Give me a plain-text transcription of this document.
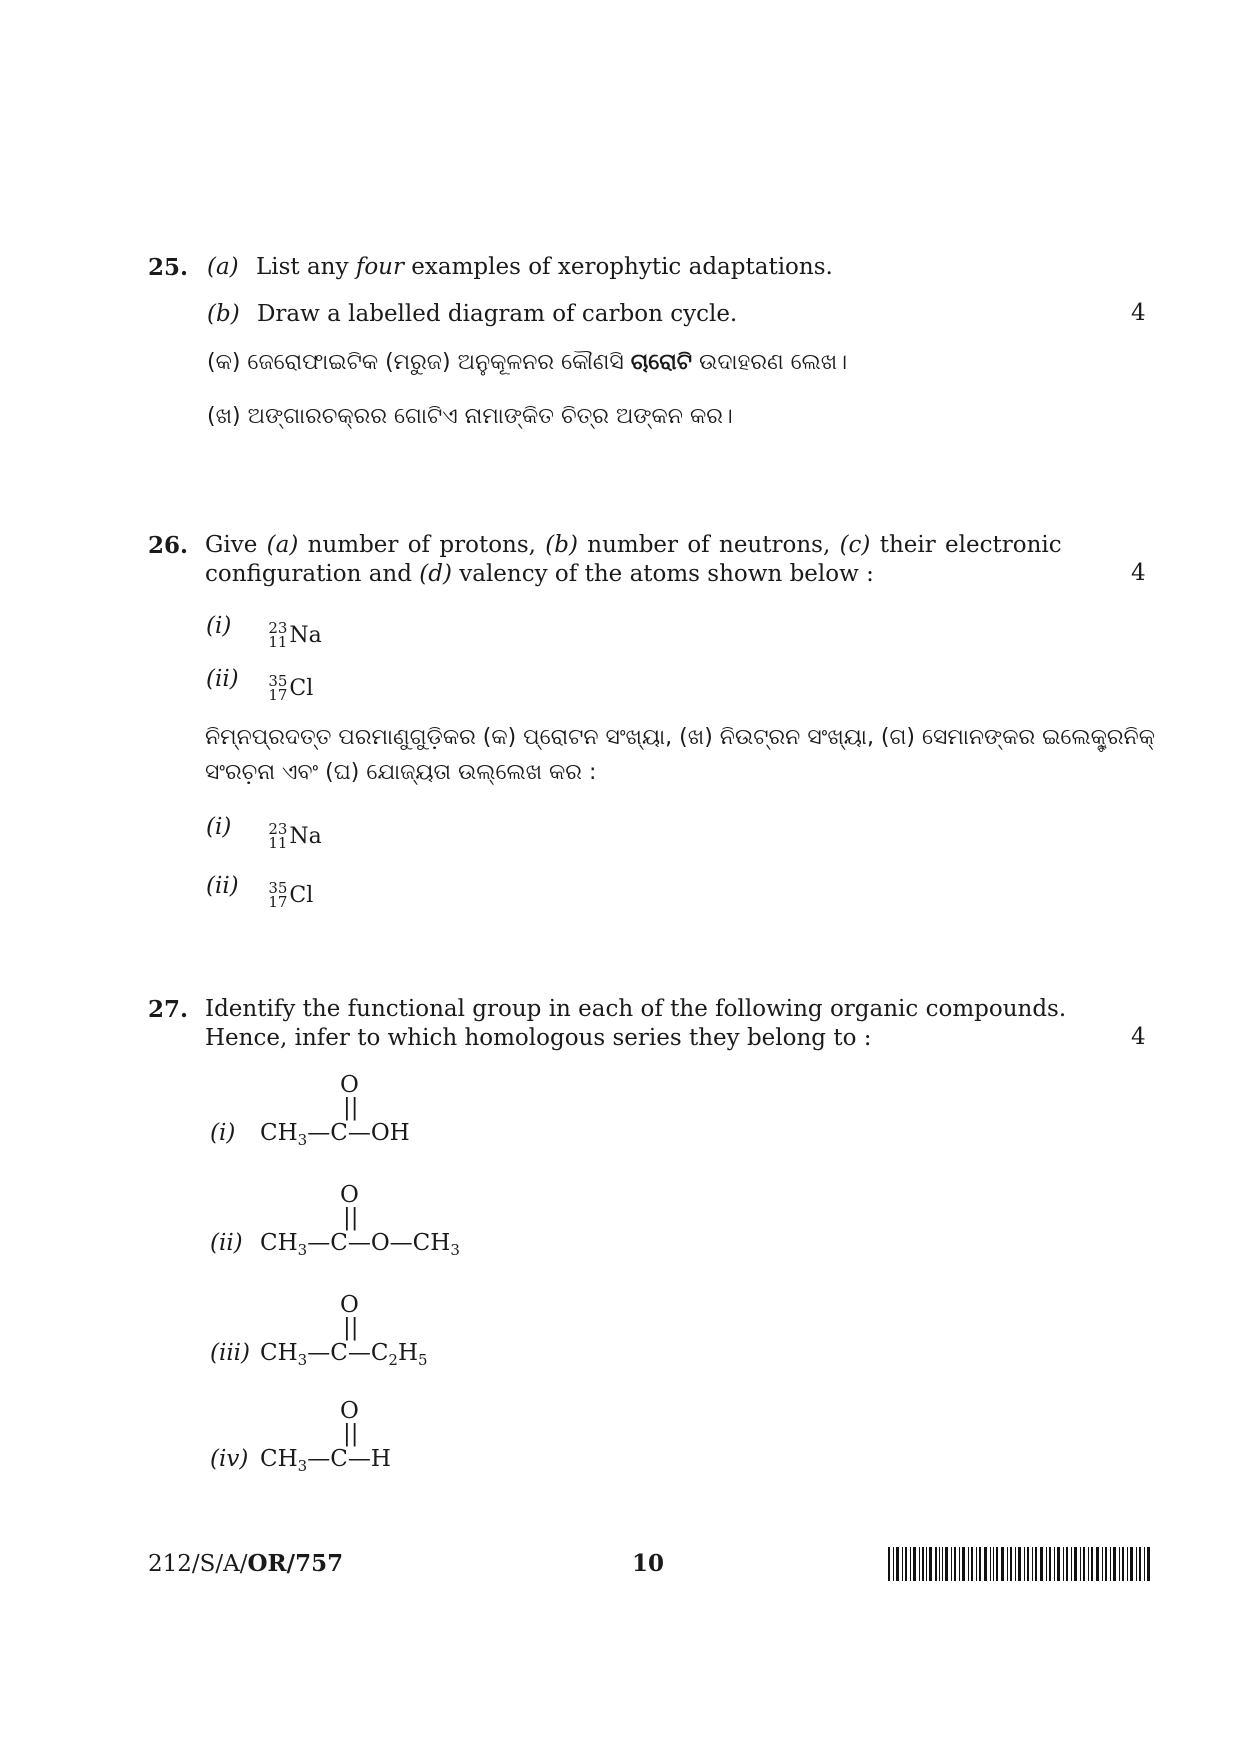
25. (a) List any four examples of xerophytic adaptations.
(b) Draw a labelled diagram of carbon cycle.	4
(କ) ଜେରୋଫାଇଟିକ (ମରୁଜ) ଅନୁକୂଳନର କୌଣସି ଚାରୋଟି ଉଦାହରଣ ଲେଖ।
(ଖ) ଅଙ୍ଗାରଚକ୍ରର ଗୋଟିଏ ନାମାଙ୍କିତ ଚିତ୍ର ଅଙ୍କନ କର।
26. Give (a) number of protons, (b) number of neutrons, (c) their electronic
configuration and (d) valency of the atoms shown below :	4
(i) 23
11 Na
(ii) 35
17 Cl
ନିମ୍ନପ୍ରଦତ୍ତ ପରମାଣୁଗୁଡ଼ିକର (କ) ପ୍ରୋଟନ ସଂଖ୍ୟା, (ଖ) ନିଉଟ୍ରନ ସଂଖ୍ୟା, (ଗ) ସେମାନଙ୍କର ଇଲେକ୍ଟ୍ରନିକ୍
ସଂରଚ଼ନା ଏବଂ (ଘ) ଯୋଜ୍ୟତା ଉଲ୍ଲେଖ କର :
(i) 23
11 Na
(ii) 35
17 Cl
27. Identify the functional group in each of the following organic compounds.
Hence, infer to which homologous series they belong to :	4
O
||
(i) $CH_3—C—OH$
O
||
(ii) $CH_3—C—O—CH_3$
O
||
(iii) $CH_3—C—C_2H_5$
O
||
(iv) $CH_3—C—H$
212/S/A/OR/757	10
